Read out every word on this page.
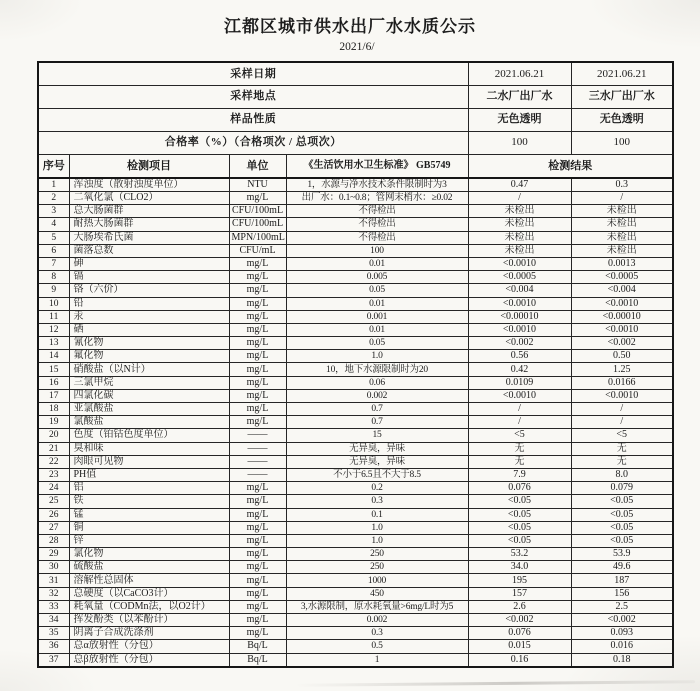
江都区城市供水出厂水水质公示
2021/6/
采样日期				2021.06.21	2021.06.21
采样地点				二水厂出厂水	三水厂出厂水
样品性质				无色透明	无色透明
合格率（%）（合格项次 / 总项次）				100	100
序号	检测项目	单位	《生活饮用水卫生标准》 GB5749	检测结果	
1	浑浊度（散射浊度单位）	NTU	1，水源与净水技术条件限制时为3	0.47	0.3
2	二氧化氯（CLO2）	mg/L	出厂水：0.1~0.8；管网末梢水：≥0.02	/	/
3	总大肠菌群	CFU/100mL	不得检出	未检出	未检出
4	耐热大肠菌群	CFU/100mL	不得检出	未检出	未检出
5	大肠埃希氏菌	MPN/100mL	不得检出	未检出	未检出
6	菌落总数	CFU/mL	100	未检出	未检出
7	砷	mg/L	0.01	<0.0010	0.0013
8	镉	mg/L	0.005	<0.0005	<0.0005
9	铬（六价）	mg/L	0.05	<0.004	<0.004
10	铅	mg/L	0.01	<0.0010	<0.0010
11	汞	mg/L	0.001	<0.00010	<0.00010
12	硒	mg/L	0.01	<0.0010	<0.0010
13	氰化物	mg/L	0.05	<0.002	<0.002
14	氟化物	mg/L	1.0	0.56	0.50
15	硝酸盐（以N计）	mg/L	10，地下水源限制时为20	0.42	1.25
16	三氯甲烷	mg/L	0.06	0.0109	0.0166
17	四氯化碳	mg/L	0.002	<0.0010	<0.0010
18	亚氯酸盐	mg/L	0.7	/	/
19	氯酸盐	mg/L	0.7	/	/
20	色度（铂钴色度单位）	——	15	<5	<5
21	臭和味	——	无异臭，异味	无	无
22	肉眼可见物	——	无异臭，异味	无	无
23	PH值	——	不小于6.5且不大于8.5	7.9	8.0
24	铝	mg/L	0.2	0.076	0.079
25	铁	mg/L	0.3	<0.05	<0.05
26	锰	mg/L	0.1	<0.05	<0.05
27	铜	mg/L	1.0	<0.05	<0.05
28	锌	mg/L	1.0	<0.05	<0.05
29	氯化物	mg/L	250	53.2	53.9
30	硫酸盐	mg/L	250	34.0	49.6
31	溶解性总固体	mg/L	1000	195	187
32	总硬度（以CaCO3计）	mg/L	450	157	156
33	耗氧量（CODMn法，以O2计）	mg/L	3,水源限制，原水耗氧量>6mg/L时为5	2.6	2.5
34	挥发酚类（以苯酚计）	mg/L	0.002	<0.002	<0.002
35	阴离子合成洗涤剂	mg/L	0.3	0.076	0.093
36	总α放射性（分包）	Bq/L	0.5	0.015	0.016
37	总β放射性（分包）	Bq/L	1	0.16	0.18
